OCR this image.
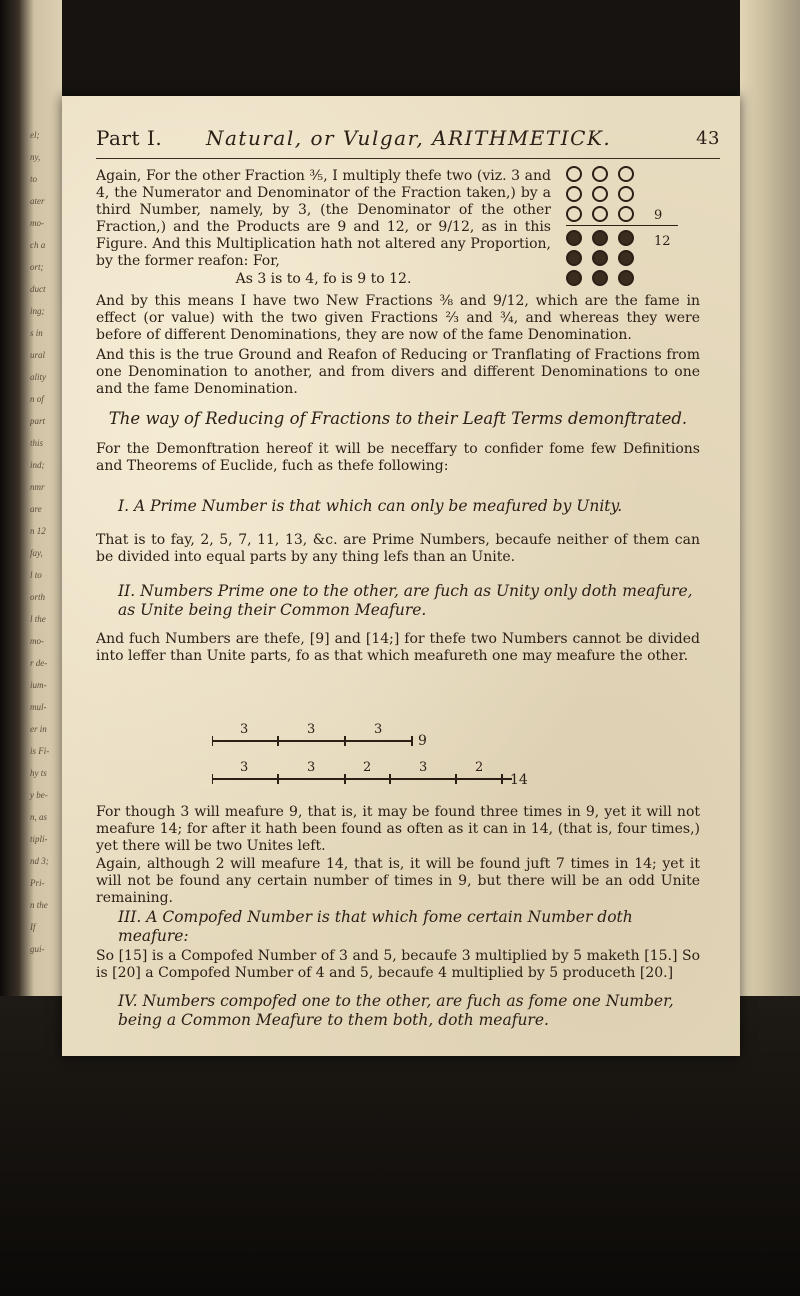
el;
ny,
to
ater
mo-
ch a
ort;
duct
ing;
s in
ural
ality
n of
part
this
ind;
nmr
are
n 12
fay,
l to
orth
l the
mo-
r de-
ium-
mul-
er in
is Fi-
hy ts
y be-
n, as
tipli-
nd 3;
Pri-
n the
If
gui-
Part I. Natural, or Vulgar, ARITHMETICK.	43
Again, For the other Fraction ⅗, I multiply thefe two (viz. 3 and 4, the Numerator and Denominator of the Fraction taken,) by a third Number, namely, by 3, (the Denominator of the other Fraction,) and the Products are 9 and 12, or 9/12, as in this Figure. And this Multiplication hath not altered any Proportion, by the former reafon: For,
As 3 is to 4, fo is 9 to 12.
9
12
And by this means I have two New Fractions ⅜ and 9/12, which are the fame in effect (or value) with the two given Fractions ⅔ and ¾, and whereas they were before of different Denominations, they are now of the fame Denomination.
And this is the true Ground and Reafon of Reducing or Tranflating of Fractions from one Denomination to another, and from divers and different Denominations to one and the fame Denomination.
The way of Reducing of Fractions to their Leaft Terms demonftrated.
For the Demonftration hereof it will be neceffary to confider fome few Definitions and Theorems of Euclide, fuch as thefe following:
I. A Prime Number is that which can only be meafured by Unity.
That is to fay, 2, 5, 7, 11, 13, &c. are Prime Numbers, becaufe neither of them can be divided into equal parts by any thing lefs than an Unite.
II. Numbers Prime one to the other, are fuch as Unity only doth meafure, as Unite being their Common Meafure.
And fuch Numbers are thefe, [9] and [14;] for thefe two Numbers cannot be divided into leffer than Unite parts, fo as that which meafureth one may meafure the other.
3	3	3
9
3	3	2	3	2
14
For though 3 will meafure 9, that is, it may be found three times in 9, yet it will not meafure 14; for after it hath been found as often as it can in 14, (that is, four times,) yet there will be two Unites left.
Again, although 2 will meafure 14, that is, it will be found juft 7 times in 14; yet it will not be found any certain number of times in 9, but there will be an odd Unite remaining.
III. A Compofed Number is that which fome certain Number doth meafure:
So [15] is a Compofed Number of 3 and 5, becaufe 3 multiplied by 5 maketh [15.] So is [20] a Compofed Number of 4 and 5, becaufe 4 multiplied by 5 produceth [20.]
IV. Numbers compofed one to the other, are fuch as fome one Number, being a Common Meafure to them both, doth meafure.
